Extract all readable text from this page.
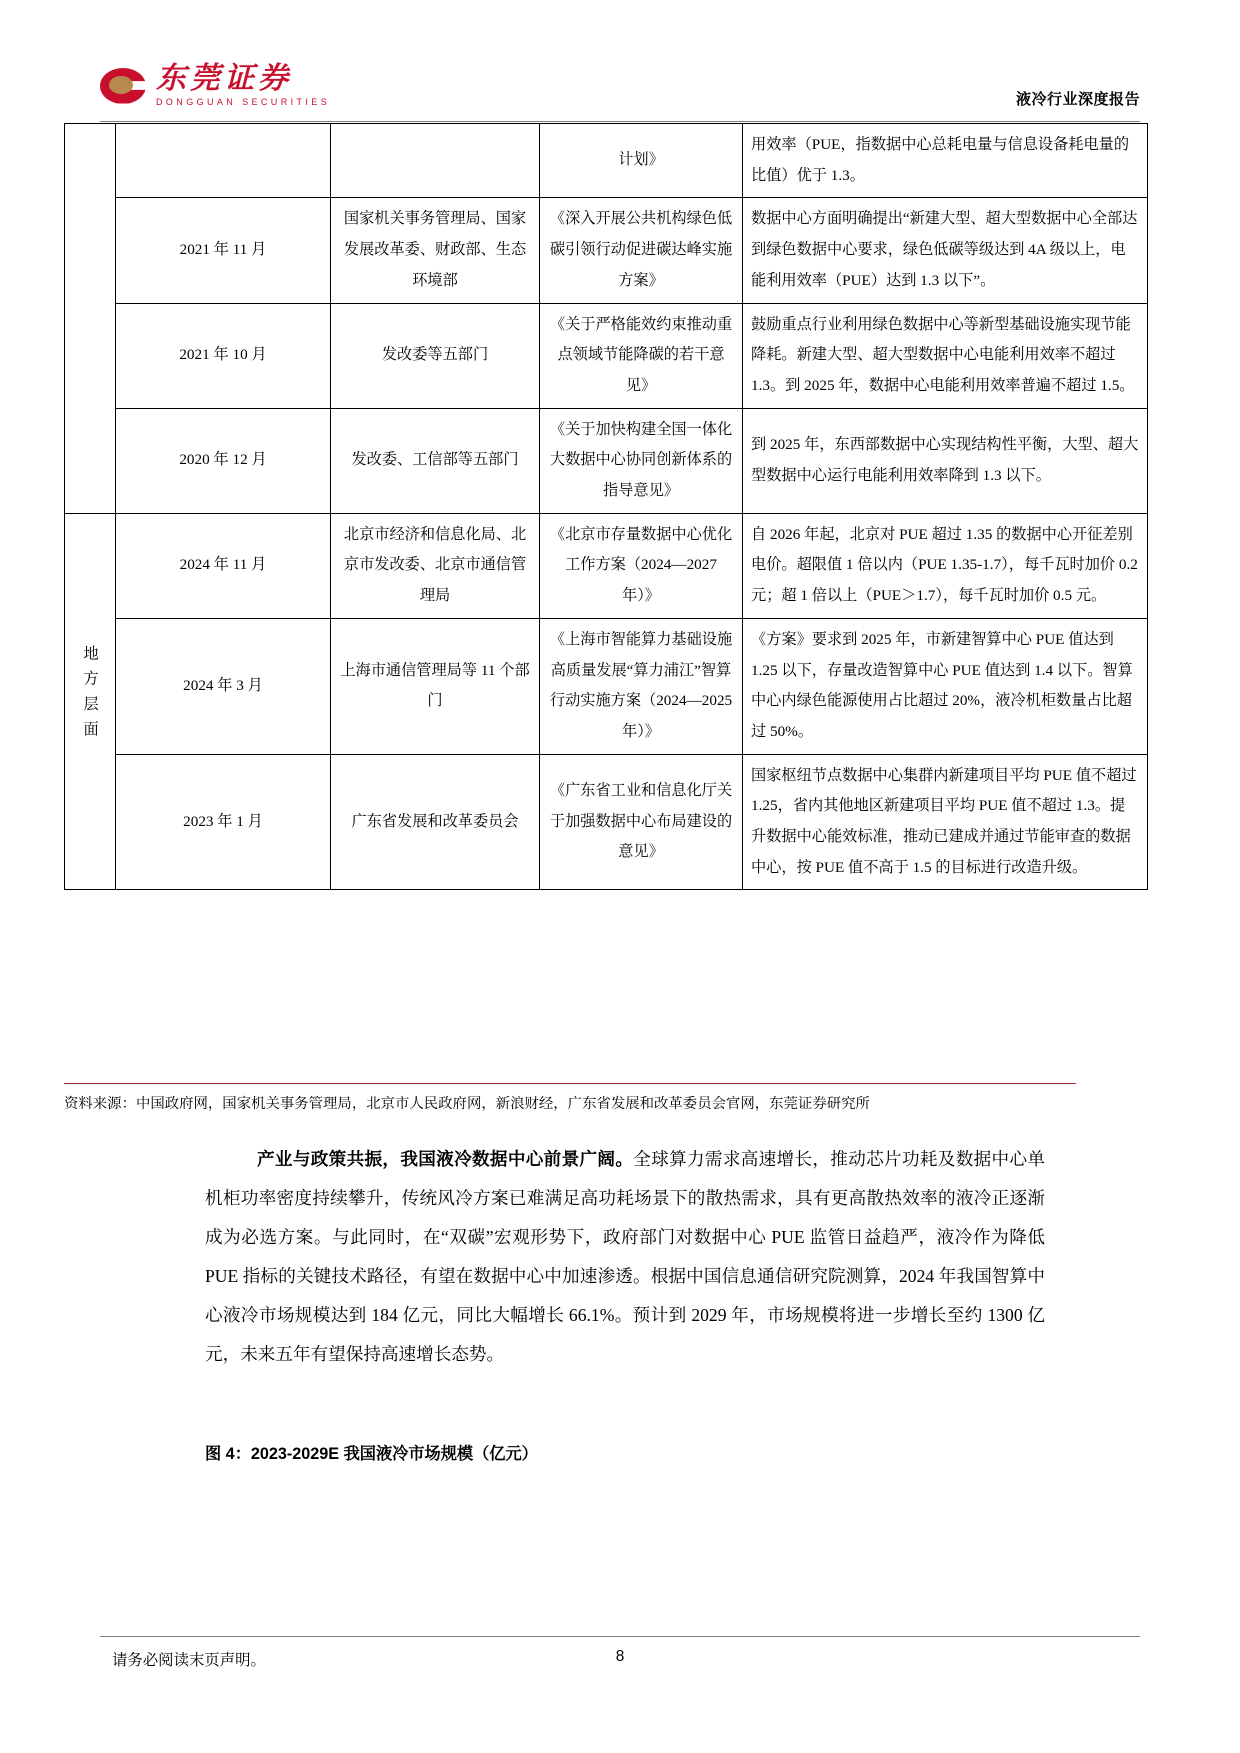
东莞证券
DONGGUAN SECURITIES	液冷行业深度报告
			计划》	用效率（PUE，指数据中心总耗电量与信息设备耗电量的比值）优于 1.3。
	2021 年 11 月	国家机关事务管理局、国家发展改革委、财政部、生态环境部	《深入开展公共机构绿色低碳引领行动促进碳达峰实施方案》	数据中心方面明确提出“新建大型、超大型数据中心全部达到绿色数据中心要求，绿色低碳等级达到 4A 级以上，电能利用效率（PUE）达到 1.3 以下”。
	2021 年 10 月	发改委等五部门	《关于严格能效约束推动重点领域节能降碳的若干意见》	鼓励重点行业利用绿色数据中心等新型基础设施实现节能降耗。新建大型、超大型数据中心电能利用效率不超过 1.3。到 2025 年，数据中心电能利用效率普遍不超过 1.5。
	2020 年 12 月	发改委、工信部等五部门	《关于加快构建全国一体化大数据中心协同创新体系的指导意见》	到 2025 年，东西部数据中心实现结构性平衡，大型、超大型数据中心运行电能利用效率降到 1.3 以下。
地方层面	2024 年 11 月	北京市经济和信息化局、北京市发改委、北京市通信管理局	《北京市存量数据中心优化工作方案（2024—2027 年）》	自 2026 年起，北京对 PUE 超过 1.35 的数据中心开征差别电价。超限值 1 倍以内（PUE 1.35-1.7），每千瓦时加价 0.2 元；超 1 倍以上（PUE＞1.7），每千瓦时加价 0.5 元。
	2024 年 3 月	上海市通信管理局等 11 个部门	《上海市智能算力基础设施高质量发展“算力浦江”智算行动实施方案（2024—2025 年）》	《方案》要求到 2025 年，市新建智算中心 PUE 值达到 1.25 以下，存量改造智算中心 PUE 值达到 1.4 以下。智算中心内绿色能源使用占比超过 20%，液冷机柜数量占比超过 50%。
	2023 年 1 月	广东省发展和改革委员会	《广东省工业和信息化厅关于加强数据中心布局建设的意见》	国家枢纽节点数据中心集群内新建项目平均 PUE 值不超过 1.25，省内其他地区新建项目平均 PUE 值不超过 1.3。提升数据中心能效标准，推动已建成并通过节能审查的数据中心，按 PUE 值不高于 1.5 的目标进行改造升级。
资料来源：中国政府网，国家机关事务管理局，北京市人民政府网，新浪财经，广东省发展和改革委员会官网，东莞证券研究所
产业与政策共振，我国液冷数据中心前景广阔。全球算力需求高速增长，推动芯片功耗及数据中心单机柜功率密度持续攀升，传统风冷方案已难满足高功耗场景下的散热需求，具有更高散热效率的液冷正逐渐成为必选方案。与此同时，在“双碳”宏观形势下，政府部门对数据中心 PUE 监管日益趋严，液冷作为降低 PUE 指标的关键技术路径，有望在数据中心中加速渗透。根据中国信息通信研究院测算，2024 年我国智算中心液冷市场规模达到 184 亿元，同比大幅增长 66.1%。预计到 2029 年，市场规模将进一步增长至约 1300 亿元，未来五年有望保持高速增长态势。
图 4：2023-2029E 我国液冷市场规模（亿元）
请务必阅读末页声明。	8
